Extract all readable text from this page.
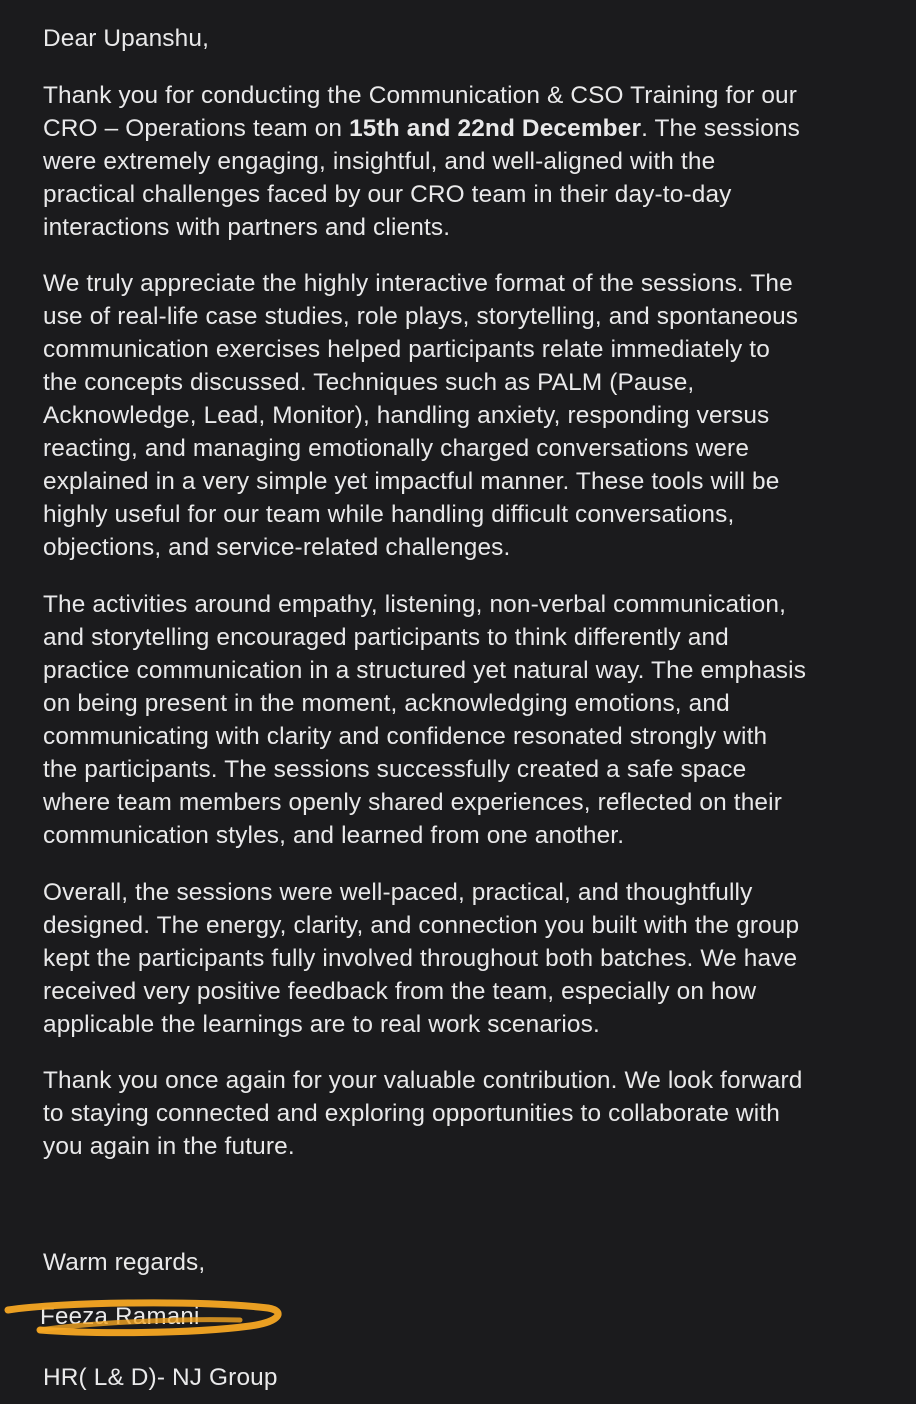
Dear Upanshu,

Thank you for conducting the Communication & CSO Training for our
CRO – Operations team on 15th and 22nd December. The sessions
were extremely engaging, insightful, and well-aligned with the
practical challenges faced by our CRO team in their day-to-day
interactions with partners and clients.
We truly appreciate the highly interactive format of the sessions. The
use of real-life case studies, role plays, storytelling, and spontaneous
communication exercises helped participants relate immediately to
the concepts discussed. Techniques such as PALM (Pause,
Acknowledge, Lead, Monitor), handling anxiety, responding versus
reacting, and managing emotionally charged conversations were
explained in a very simple yet impactful manner. These tools will be
highly useful for our team while handling difficult conversations,
objections, and service-related challenges.
The activities around empathy, listening, non-verbal communication,
and storytelling encouraged participants to think differently and
practice communication in a structured yet natural way. The emphasis
on being present in the moment, acknowledging emotions, and
communicating with clarity and confidence resonated strongly with
the participants. The sessions successfully created a safe space
where team members openly shared experiences, reflected on their
communication styles, and learned from one another.
Overall, the sessions were well-paced, practical, and thoughtfully
designed. The energy, clarity, and connection you built with the group
kept the participants fully involved throughout both batches. We have
received very positive feedback from the team, especially on how
applicable the learnings are to real work scenarios.
Thank you once again for your valuable contribution. We look forward
to staying connected and exploring opportunities to collaborate with
you again in the future.

Warm regards,

HR( L& D)- NJ Group

Feeza Ramani
